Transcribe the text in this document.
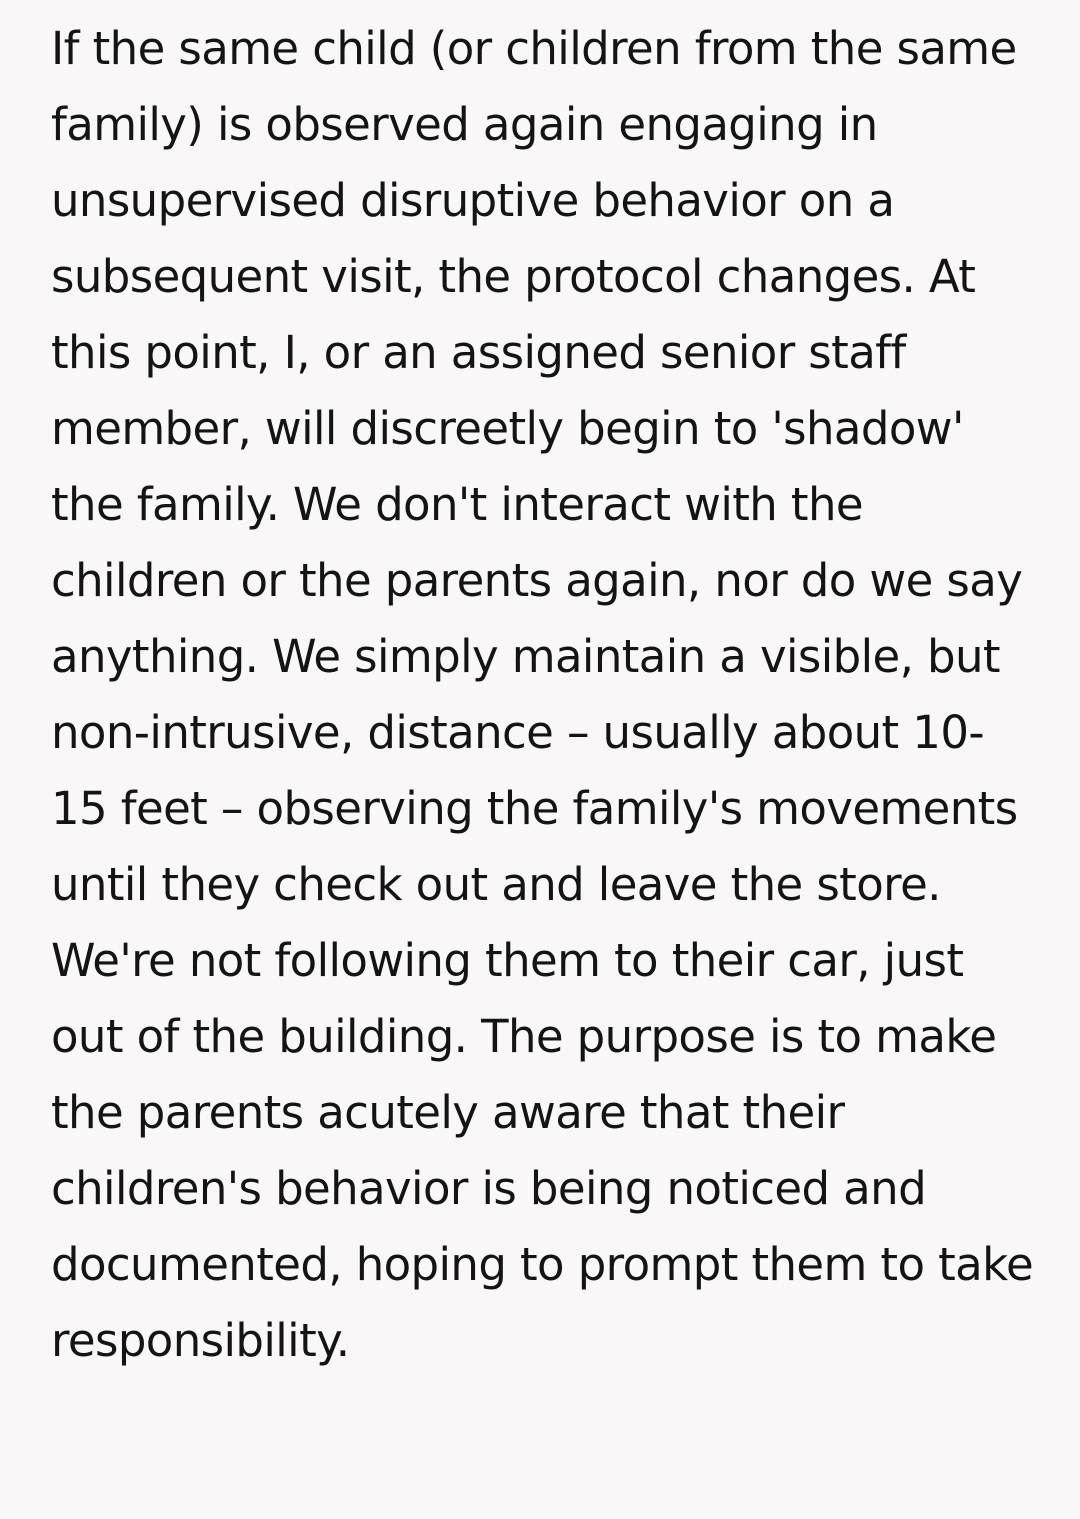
If the same child (or children from the same family) is observed again engaging in unsupervised disruptive behavior on a subsequent visit, the protocol changes. At this point, I, or an assigned senior staff member, will discreetly begin to 'shadow' the family. We don't interact with the children or the parents again, nor do we say anything. We simply maintain a visible, but non-intrusive, distance – usually about 10-15 feet – observing the family's movements until they check out and leave the store. We're not following them to their car, just out of the building. The purpose is to make the parents acutely aware that their children's behavior is being noticed and documented, hoping to prompt them to take responsibility.
